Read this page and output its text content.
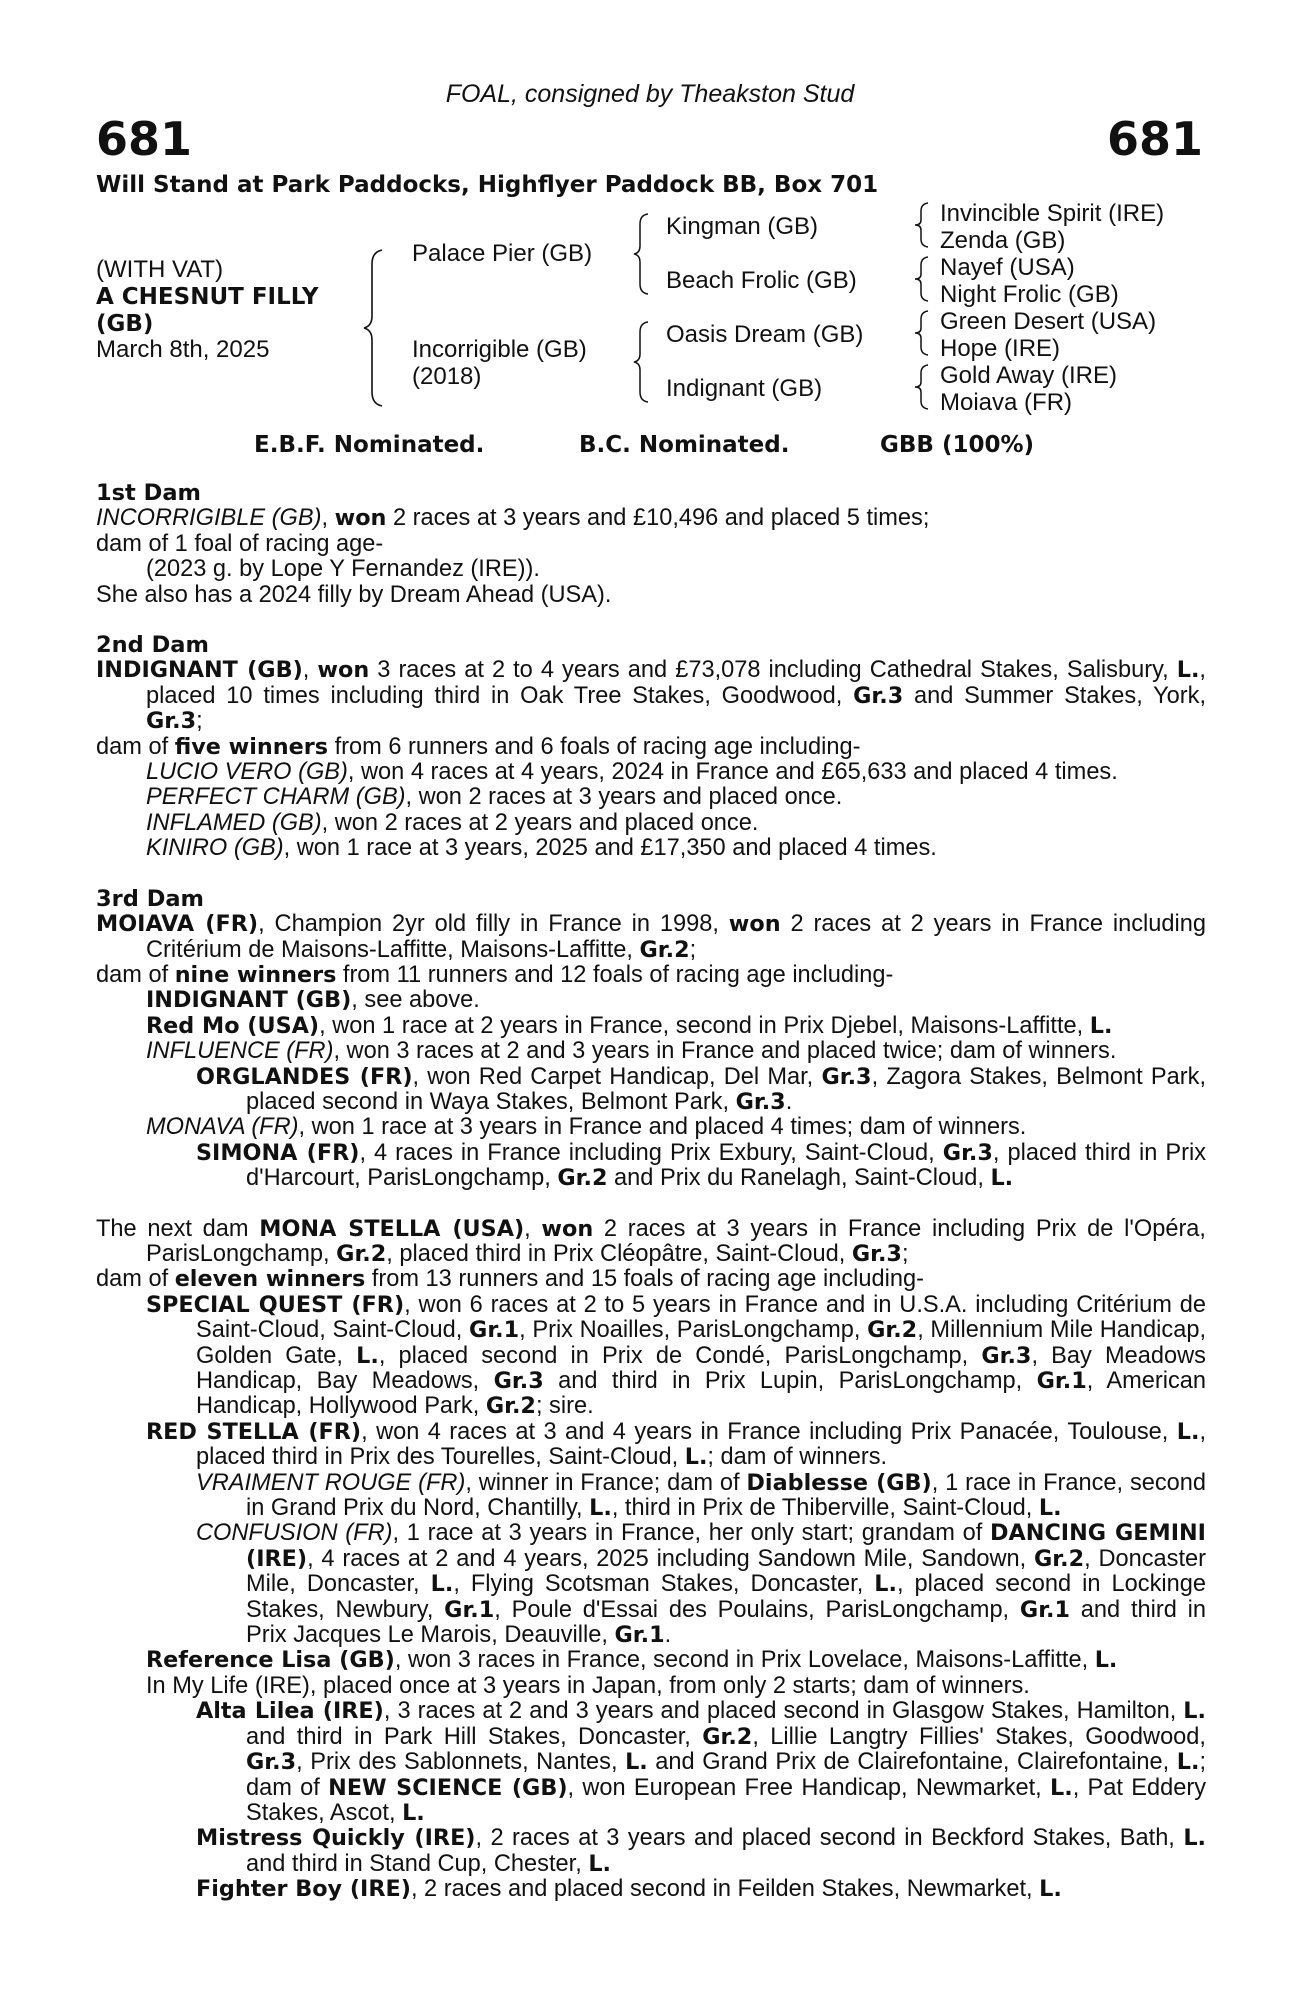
FOAL, consigned by Theakston Stud
681	681
Will Stand at Park Paddocks, Highflyer Paddock BB, Box 701
(WITH VAT)
A CHESNUT FILLY
(GB)
March 8th, 2025
Palace Pier (GB)
Incorrigible (GB)
(2018)
Kingman (GB)
Beach Frolic (GB)
Oasis Dream (GB)
Indignant (GB)
Invincible Spirit (IRE)
Zenda (GB)
Nayef (USA)
Night Frolic (GB)
Green Desert (USA)
Hope (IRE)
Gold Away (IRE)
Moiava (FR)
E.B.F. Nominated.	B.C. Nominated.	GBB (100%)
1st Dam

INCORRIGIBLE (GB), won 2 races at 3 years and £10,496 and placed 5 times;

dam of 1 foal of racing age-

(2023 g. by Lope Y Fernandez (IRE)).

She also has a 2024 filly by Dream Ahead (USA).

2nd Dam

INDIGNANT (GB), won 3 races at 2 to 4 years and £73,078 including Cathedral Stakes, Salisbury, L., placed 10 times including third in Oak Tree Stakes, Goodwood, Gr.3 and Summer Stakes, York, Gr.3;

dam of five winners from 6 runners and 6 foals of racing age including-

LUCIO VERO (GB), won 4 races at 4 years, 2024 in France and £65,633 and placed 4 times.

PERFECT CHARM (GB), won 2 races at 3 years and placed once.

INFLAMED (GB), won 2 races at 2 years and placed once.

KINIRO (GB), won 1 race at 3 years, 2025 and £17,350 and placed 4 times.

3rd Dam

MOIAVA (FR), Champion 2yr old filly in France in 1998, won 2 races at 2 years in France including Critérium de Maisons-Laffitte, Maisons-Laffitte, Gr.2;

dam of nine winners from 11 runners and 12 foals of racing age including-

INDIGNANT (GB), see above.

Red Mo (USA), won 1 race at 2 years in France, second in Prix Djebel, Maisons-Laffitte, L.

INFLUENCE (FR), won 3 races at 2 and 3 years in France and placed twice; dam of winners.

ORGLANDES (FR), won Red Carpet Handicap, Del Mar, Gr.3, Zagora Stakes, Belmont Park, placed second in Waya Stakes, Belmont Park, Gr.3.

MONAVA (FR), won 1 race at 3 years in France and placed 4 times; dam of winners.

SIMONA (FR), 4 races in France including Prix Exbury, Saint-Cloud, Gr.3, placed third in Prix d'Harcourt, ParisLongchamp, Gr.2 and Prix du Ranelagh, Saint-Cloud, L.

The next dam MONA STELLA (USA), won 2 races at 3 years in France including Prix de l'Opéra, ParisLongchamp, Gr.2, placed third in Prix Cléopâtre, Saint-Cloud, Gr.3;

dam of eleven winners from 13 runners and 15 foals of racing age including-

SPECIAL QUEST (FR), won 6 races at 2 to 5 years in France and in U.S.A. including Critérium de Saint-Cloud, Saint-Cloud, Gr.1, Prix Noailles, ParisLongchamp, Gr.2, Millennium Mile Handicap, Golden Gate, L., placed second in Prix de Condé, ParisLongchamp, Gr.3, Bay Meadows Handicap, Bay Meadows, Gr.3 and third in Prix Lupin, ParisLongchamp, Gr.1, American Handicap, Hollywood Park, Gr.2; sire.

RED STELLA (FR), won 4 races at 3 and 4 years in France including Prix Panacée, Toulouse, L., placed third in Prix des Tourelles, Saint-Cloud, L.; dam of winners.

VRAIMENT ROUGE (FR), winner in France; dam of Diablesse (GB), 1 race in France, second in Grand Prix du Nord, Chantilly, L., third in Prix de Thiberville, Saint-Cloud, L.

CONFUSION (FR), 1 race at 3 years in France, her only start; grandam of DANCING GEMINI (IRE), 4 races at 2 and 4 years, 2025 including Sandown Mile, Sandown, Gr.2, Doncaster Mile, Doncaster, L., Flying Scotsman Stakes, Doncaster, L., placed second in Lockinge Stakes, Newbury, Gr.1, Poule d'Essai des Poulains, ParisLongchamp, Gr.1 and third in Prix Jacques Le Marois, Deauville, Gr.1.

Reference Lisa (GB), won 3 races in France, second in Prix Lovelace, Maisons-Laffitte, L.

In My Life (IRE), placed once at 3 years in Japan, from only 2 starts; dam of winners.

Alta Lilea (IRE), 3 races at 2 and 3 years and placed second in Glasgow Stakes, Hamilton, L. and third in Park Hill Stakes, Doncaster, Gr.2, Lillie Langtry Fillies' Stakes, Goodwood, Gr.3, Prix des Sablonnets, Nantes, L. and Grand Prix de Clairefontaine, Clairefontaine, L.; dam of NEW SCIENCE (GB), won European Free Handicap, Newmarket, L., Pat Eddery Stakes, Ascot, L.

Mistress Quickly (IRE), 2 races at 3 years and placed second in Beckford Stakes, Bath, L. and third in Stand Cup, Chester, L.

Fighter Boy (IRE), 2 races and placed second in Feilden Stakes, Newmarket, L.
